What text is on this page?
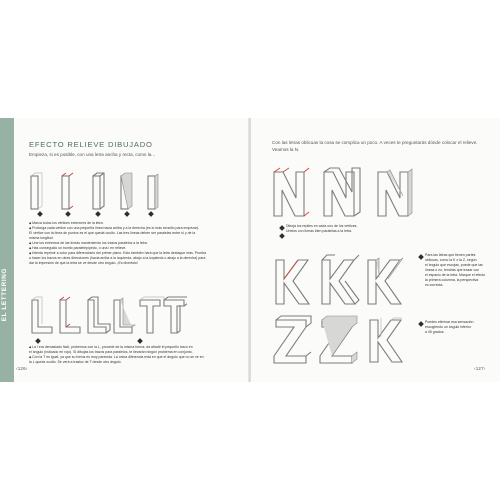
EL LETTERING
EFECTO RELIEVE DIBUJADO
Empieza, si es posible, con una letra ancha y recta, como la...
◆ Marca todos los vértices exteriores de la letra.
◆ Prolonga cada vértice con una pequeña línea hacia arriba y a la derecha (es lo más sencillo para empezar).
El vértice con la línea de puntos es el que queda oculto. Las tres líneas deben ser paralelas entre sí y de la
misma longitud.
◆ Une los extremos de las líneas manteniendo los trazos paralelos a la letra.
◆ Has conseguido un bonito paralelepípedo, o una i en relieve.
◆ Intenta reprimir a color para diferenciarlo del primer plano. Esto también hará que la letra destaque más. Prueba
a hacer los trazos en otras direcciones (hacia arriba a la izquierda, abajo a la izquierda o abajo a la derecha) para
dar la impresión de que la letra se ve desde otro ángulo. ¡Es divertido!
◆ La l era demasiado fácil, probemos con la L, procede de la misma forma; da añadir el pequeño trazo en
el ángulo (indicado en rojo). Si dibujas los trazos para paralelos, te llevarán ningún problema en conjunto.
◆ Con la T es igual, ya que su forma es muy parecida. La única diferencia está en que el ángulo que no se ve en
la L queda oculto. Se verá a trasluz de T desde otro ángulo.
‹126›
Con las letras oblicuas la cosa se complica un poco. A veces te preguntarás dónde colocar el relieve.
Veamos la N.
Dibuja los repites en cada uno de los vértices.
Únelos con líneas bien paralelas a la letra.
Para las letras que tienen partes
oblicuas, como la K o la Z, según
el ángulo que escojas, puede que las
líneas o no, tendrás que trazar con
el espacio de la letra. Marque el efecto
la primera columna, la perspectiva
es correcta.
Puedes eliminar esa sensación
escogiendo un ángulo inferior
a 45 grados.
‹127›
